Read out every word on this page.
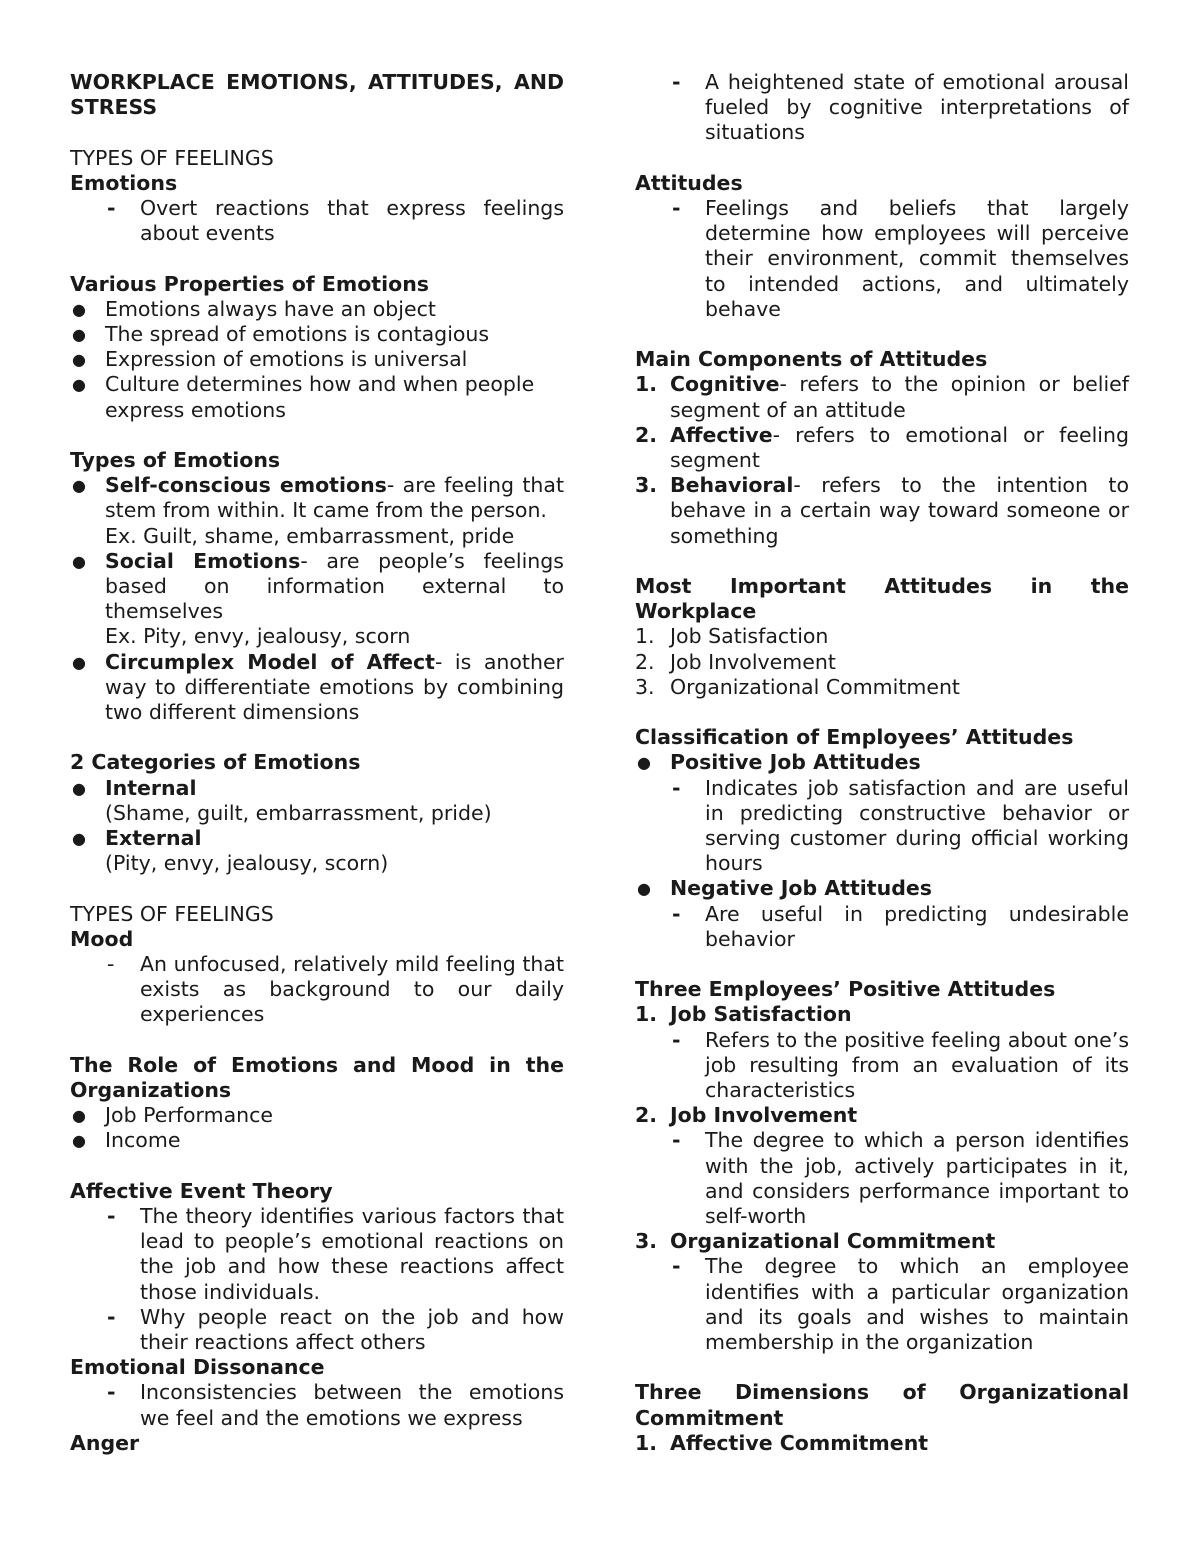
WORKPLACE EMOTIONS, ATTITUDES, AND STRESS

TYPES OF FEELINGS

Emotions

- Overt reactions that express feelings about events

Various Properties of Emotions

● Emotions always have an object
● The spread of emotions is contagious
● Expression of emotions is universal
● Culture determines how and when people express emotions

Types of Emotions

● Self-conscious emotions- are feeling that stem from within. It came from the person.
Ex. Guilt, shame, embarrassment, pride
● Social Emotions- are people’s feelings based on information external to themselves
Ex. Pity, envy, jealousy, scorn
● Circumplex Model of Affect- is another way to differentiate emotions by combining two different dimensions

2 Categories of Emotions

● Internal
(Shame, guilt, embarrassment, pride)
● External
(Pity, envy, jealousy, scorn)

TYPES OF FEELINGS

Mood

- An unfocused, relatively mild feeling that exists as background to our daily experiences

The Role of Emotions and Mood in the Organizations

● Job Performance
● Income

Affective Event Theory

- The theory identifies various factors that lead to people’s emotional reactions on the job and how these reactions affect those individuals.
- Why people react on the job and how their reactions affect others

Emotional Dissonance

- Inconsistencies between the emotions we feel and the emotions we express

Anger

- A heightened state of emotional arousal fueled by cognitive interpretations of situations

Attitudes

- Feelings and beliefs that largely determine how employees will perceive their environment, commit themselves to intended actions, and ultimately behave

Main Components of Attitudes

1. Cognitive- refers to the opinion or belief segment of an attitude
2. Affective- refers to emotional or feeling segment
3. Behavioral- refers to the intention to behave in a certain way toward someone or something

Most Important Attitudes in the Workplace

1. Job Satisfaction
2. Job Involvement
3. Organizational Commitment

Classification of Employees’ Attitudes

● Positive Job Attitudes
- Indicates job satisfaction and are useful in predicting constructive behavior or serving customer during official working hours
● Negative Job Attitudes
- Are useful in predicting undesirable behavior

Three Employees’ Positive Attitudes

1. Job Satisfaction
- Refers to the positive feeling about one’s job resulting from an evaluation of its characteristics
2. Job Involvement
- The degree to which a person identifies with the job, actively participates in it, and considers performance important to self-worth
3. Organizational Commitment
- The degree to which an employee identifies with a particular organization and its goals and wishes to maintain membership in the organization

Three Dimensions of Organizational Commitment

1. Affective Commitment
